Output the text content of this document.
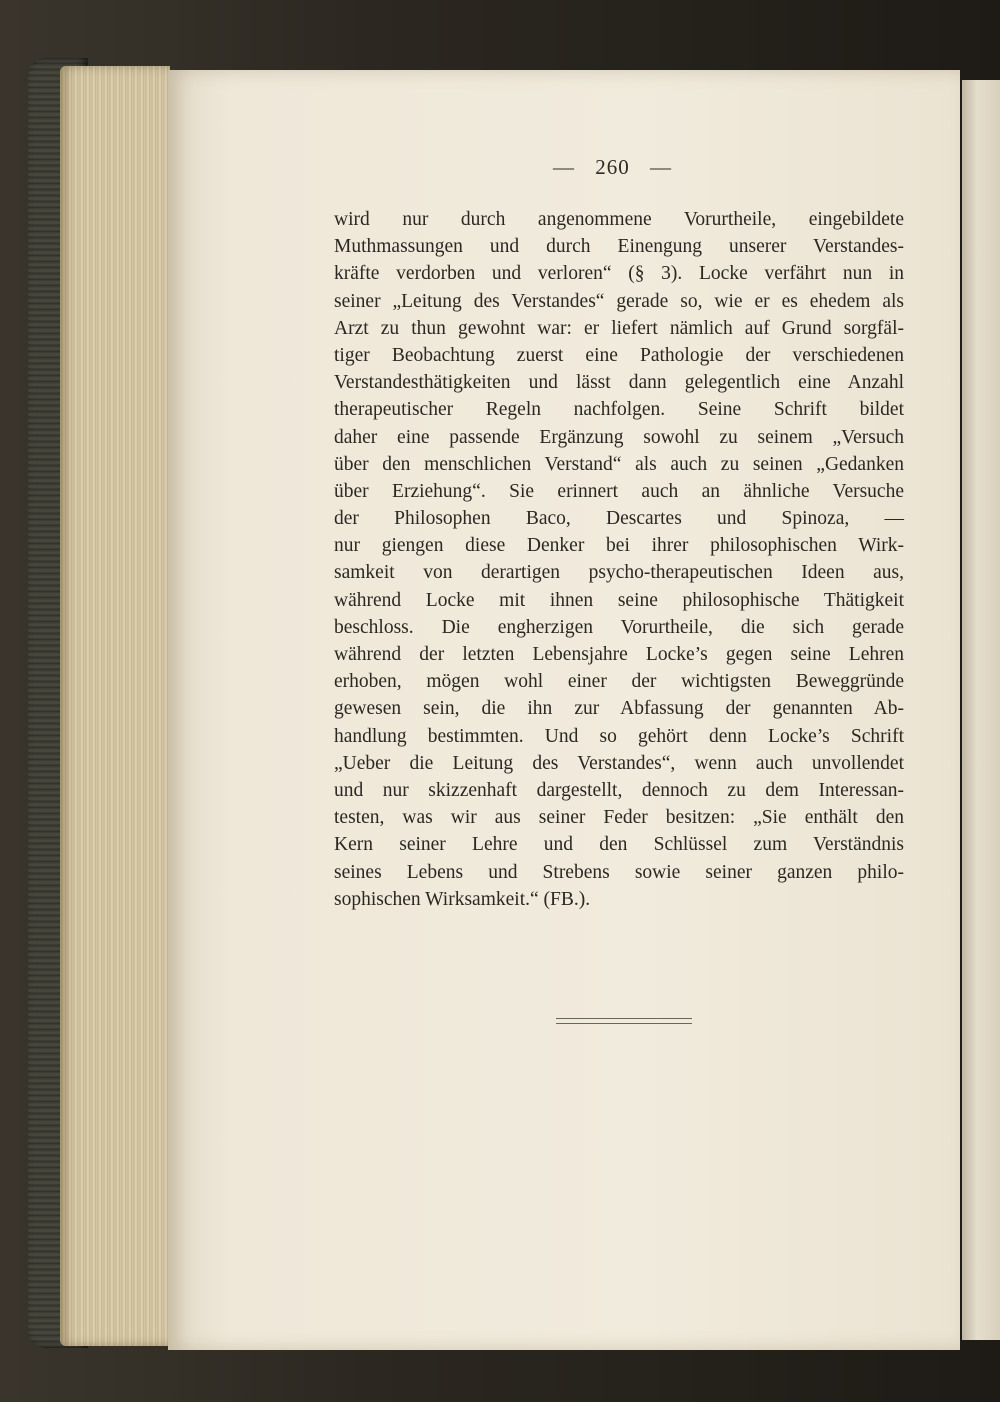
— 260 —

wird nur durch angenommene Vorurtheile, eingebildete
Muthmassungen und durch Einengung unserer Verstandes-
kräfte verdorben und verloren“ (§ 3). Locke verfährt nun in
seiner „Leitung des Verstandes“ gerade so, wie er es ehedem als
Arzt zu thun gewohnt war: er liefert nämlich auf Grund sorgfäl-
tiger Beobachtung zuerst eine Pathologie der verschiedenen
Verstandesthätigkeiten und lässt dann gelegentlich eine Anzahl
therapeutischer Regeln nachfolgen. Seine Schrift bildet
daher eine passende Ergänzung sowohl zu seinem „Versuch
über den menschlichen Verstand“ als auch zu seinen „Gedanken
über Erziehung“. Sie erinnert auch an ähnliche Versuche
der Philosophen Baco, Descartes und Spinoza, —
nur giengen diese Denker bei ihrer philosophischen Wirk-
samkeit von derartigen psycho-therapeutischen Ideen aus,
während Locke mit ihnen seine philosophische Thätigkeit
beschloss. Die engherzigen Vorurtheile, die sich gerade
während der letzten Lebensjahre Locke’s gegen seine Lehren
erhoben, mögen wohl einer der wichtigsten Beweggründe
gewesen sein, die ihn zur Abfassung der genannten Ab-
handlung bestimmten. Und so gehört denn Locke’s Schrift
„Ueber die Leitung des Verstandes“, wenn auch unvollendet
und nur skizzenhaft dargestellt, dennoch zu dem Interessan-
testen, was wir aus seiner Feder besitzen: „Sie enthält den
Kern seiner Lehre und den Schlüssel zum Verständnis
seines Lebens und Strebens sowie seiner ganzen philo-
sophischen Wirksamkeit.“ (FB.).
